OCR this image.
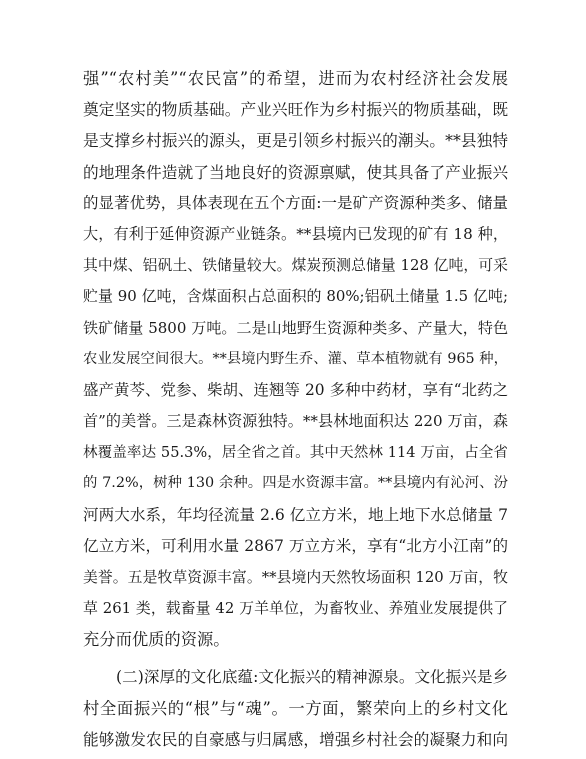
强”“农村美”“农民富”的希望，进而为农村经济社会发展
奠定坚实的物质基础。产业兴旺作为乡村振兴的物质基础，既
是支撑乡村振兴的源头，更是引领乡村振兴的潮头。**县独特
的地理条件造就了当地良好的资源禀赋，使其具备了产业振兴
的显著优势，具体表现在五个方面:一是矿产资源种类多、储量
大，有利于延伸资源产业链条。**县境内已发现的矿有 18 种，
其中煤、铝矾土、铁储量较大。煤炭预测总储量 128 亿吨，可采
贮量 90 亿吨，含煤面积占总面积的 80%;铝矾土储量 1.5 亿吨;
铁矿储量 5800 万吨。二是山地野生资源种类多、产量大，特色
农业发展空间很大。**县境内野生乔、灌、草本植物就有 965 种，
盛产黄芩、党参、柴胡、连翘等 20 多种中药材，享有“北药之
首”的美誉。三是森林资源独特。**县林地面积达 220 万亩，森
林覆盖率达 55.3%，居全省之首。其中天然林 114 万亩，占全省
的 7.2%，树种 130 余种。四是水资源丰富。**县境内有沁河、汾
河两大水系，年均径流量 2.6 亿立方米，地上地下水总储量 7
亿立方米，可利用水量 2867 万立方米，享有“北方小江南”的
美誉。五是牧草资源丰富。**县境内天然牧场面积 120 万亩，牧
草 261 类，载畜量 42 万羊单位，为畜牧业、养殖业发展提供了
充分而优质的资源。
(二)深厚的文化底蕴:文化振兴的精神源泉。文化振兴是乡
村全面振兴的“根”与“魂”。一方面，繁荣向上的乡村文化
能够激发农民的自豪感与归属感，增强乡村社会的凝聚力和向
